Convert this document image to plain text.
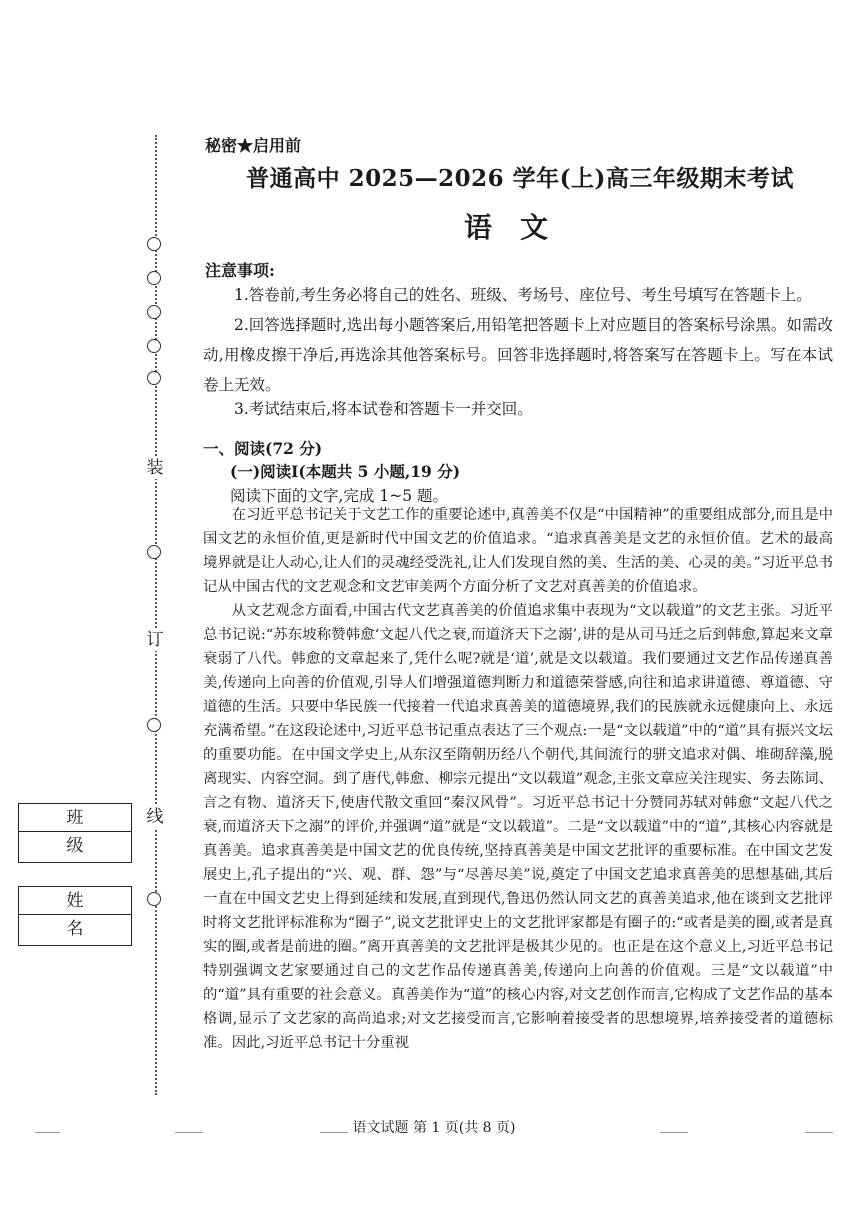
装
订
线
班级
姓名
秘密★启用前
普通高中 2025—2026 学年(上)高三年级期末考试
语文
注意事项:

1.答卷前,考生务必将自己的姓名、班级、考场号、座位号、考生号填写在答题卡上。

2.回答选择题时,选出每小题答案后,用铅笔把答题卡上对应题目的答案标号涂黑。如需改动,用橡皮擦干净后,再选涂其他答案标号。回答非选择题时,将答案写在答题卡上。写在本试卷上无效。

3.考试结束后,将本试卷和答题卡一并交回。

一、阅读(72 分)
(一)阅读Ⅰ(本题共 5 小题,19 分)
阅读下面的文字,完成 1~5 题。

在习近平总书记关于文艺工作的重要论述中,真善美不仅是“中国精神”的重要组成部分,而且是中国文艺的永恒价值,更是新时代中国文艺的价值追求。“追求真善美是文艺的永恒价值。艺术的最高境界就是让人动心,让人们的灵魂经受洗礼,让人们发现自然的美、生活的美、心灵的美。”习近平总书记从中国古代的文艺观念和文艺审美两个方面分析了文艺对真善美的价值追求。

从文艺观念方面看,中国古代文艺真善美的价值追求集中表现为“文以载道”的文艺主张。习近平总书记说:“苏东坡称赞韩愈‘文起八代之衰,而道济天下之溺’,讲的是从司马迁之后到韩愈,算起来文章衰弱了八代。韩愈的文章起来了,凭什么呢?就是‘道’,就是文以载道。我们要通过文艺作品传递真善美,传递向上向善的价值观,引导人们增强道德判断力和道德荣誉感,向往和追求讲道德、尊道德、守道德的生活。只要中华民族一代接着一代追求真善美的道德境界,我们的民族就永远健康向上、永远充满希望。”在这段论述中,习近平总书记重点表达了三个观点:一是“文以载道”中的“道”具有振兴文坛的重要功能。在中国文学史上,从东汉至隋朝历经八个朝代,其间流行的骈文追求对偶、堆砌辞藻,脱离现实、内容空洞。到了唐代,韩愈、柳宗元提出“文以载道”观念,主张文章应关注现实、务去陈词、言之有物、道济天下,使唐代散文重回“秦汉风骨”。习近平总书记十分赞同苏轼对韩愈“文起八代之衰,而道济天下之溺”的评价,并强调“道”就是“文以载道”。二是“文以载道”中的“道”,其核心内容就是真善美。追求真善美是中国文艺的优良传统,坚持真善美是中国文艺批评的重要标准。在中国文艺发展史上,孔子提出的“兴、观、群、怨”与“尽善尽美”说,奠定了中国文艺追求真善美的思想基础,其后一直在中国文艺史上得到延续和发展,直到现代,鲁迅仍然认同文艺的真善美追求,他在谈到文艺批评时将文艺批评标准称为“圈子”,说文艺批评史上的文艺批评家都是有圈子的:“或者是美的圈,或者是真实的圈,或者是前进的圈。”离开真善美的文艺批评是极其少见的。也正是在这个意义上,习近平总书记特别强调文艺家要通过自己的文艺作品传递真善美,传递向上向善的价值观。三是“文以载道”中的“道”具有重要的社会意义。真善美作为“道”的核心内容,对文艺创作而言,它构成了文艺作品的基本格调,显示了文艺家的高尚追求;对文艺接受而言,它影响着接受者的思想境界,培养接受者的道德标准。因此,习近平总书记十分重视

语文试题 第 1 页(共 8 页)
